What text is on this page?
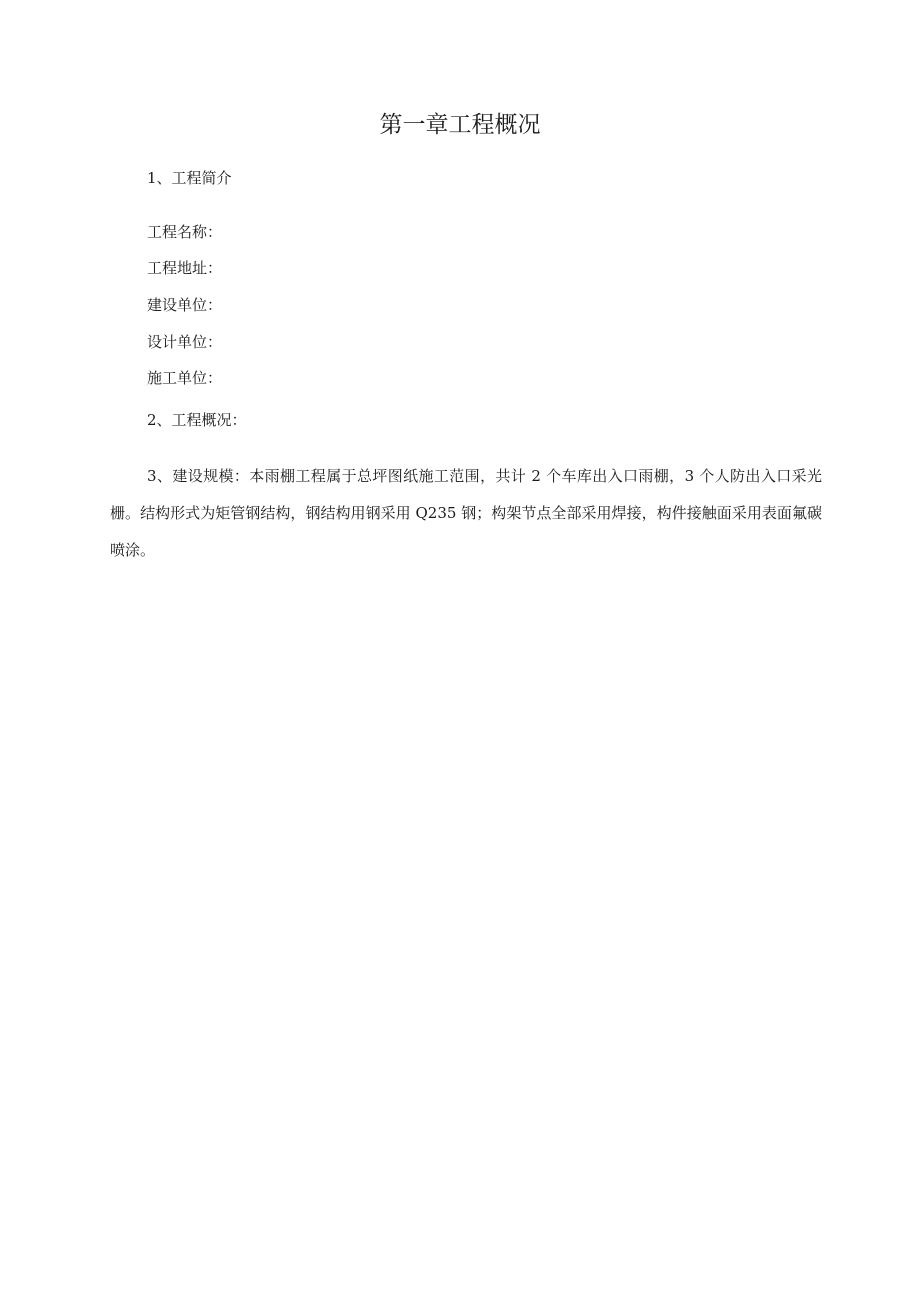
第一章工程概况

1、工程简介

工程名称：

工程地址：

建设单位：

设计单位：

施工单位：

2、工程概况：

3、建设规模：本雨棚工程属于总坪图纸施工范围，共计 2 个车库出入口雨棚，3 个人防出入口采光栅。结构形式为矩管钢结构，钢结构用钢采用 Q235 钢；构架节点全部采用焊接，构件接触面采用表面氟碳喷涂。
